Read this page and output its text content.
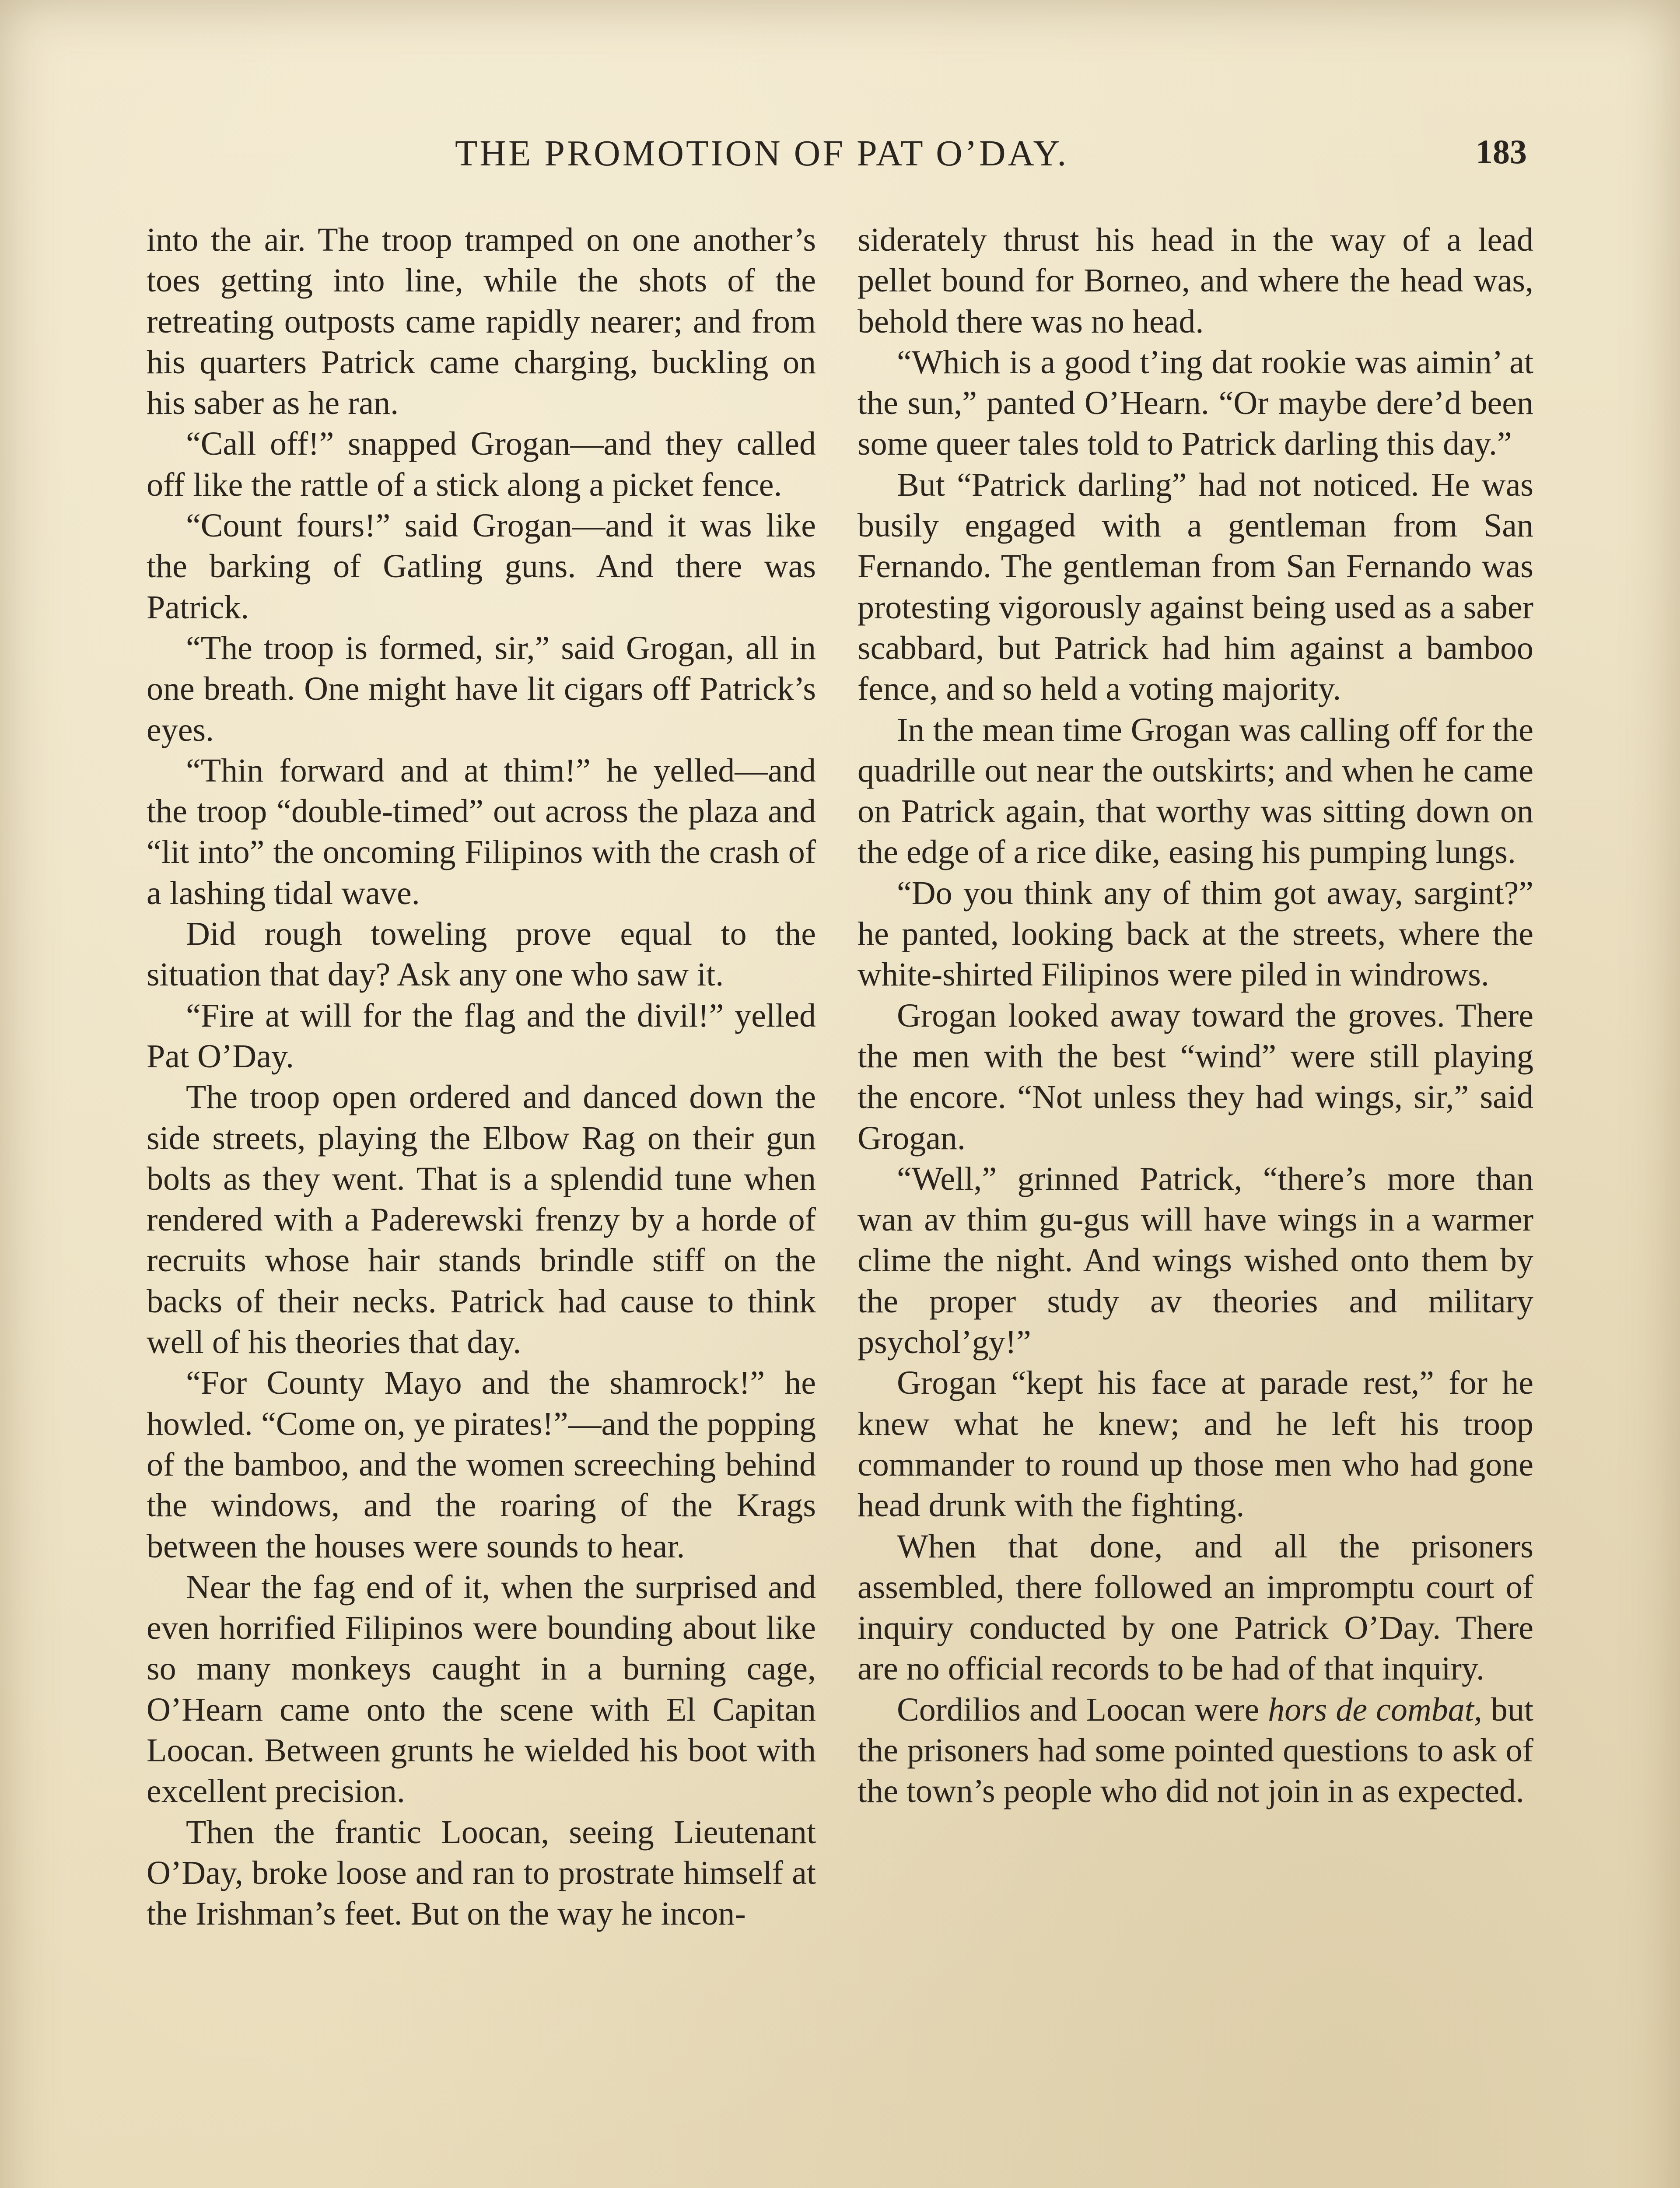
THE PROMOTION OF PAT O’DAY.	183

into the air. The troop tramped on one another’s toes getting into line, while the shots of the retreating outposts came rapidly nearer; and from his quarters Patrick came charging, buckling on his saber as he ran.

“Call off!” snapped Grogan—and they called off like the rattle of a stick along a picket fence.

“Count fours!” said Grogan—and it was like the barking of Gatling guns. And there was Patrick.

“The troop is formed, sir,” said Grogan, all in one breath. One might have lit cigars off Patrick’s eyes.

“Thin forward and at thim!” he yelled—and the troop “double-timed” out across the plaza and “lit into” the oncoming Filipinos with the crash of a lashing tidal wave.

Did rough toweling prove equal to the situation that day? Ask any one who saw it.

“Fire at will for the flag and the divil!” yelled Pat O’Day.

The troop open ordered and danced down the side streets, playing the Elbow Rag on their gun bolts as they went. That is a splendid tune when rendered with a Paderewski frenzy by a horde of recruits whose hair stands brindle stiff on the backs of their necks. Patrick had cause to think well of his theories that day.

“For County Mayo and the shamrock!” he howled. “Come on, ye pirates!”—and the popping of the bamboo, and the women screeching behind the windows, and the roaring of the Krags between the houses were sounds to hear.

Near the fag end of it, when the surprised and even horrified Filipinos were bounding about like so many monkeys caught in a burning cage, O’Hearn came onto the scene with El Capitan Loocan. Between grunts he wielded his boot with excellent precision.

Then the frantic Loocan, seeing Lieutenant O’Day, broke loose and ran to prostrate himself at the Irishman’s feet. But on the way he incon-

siderately thrust his head in the way of a lead pellet bound for Borneo, and where the head was, behold there was no head.

“Which is a good t’ing dat rookie was aimin’ at the sun,” panted O’Hearn. “Or maybe dere’d been some queer tales told to Patrick darling this day.”

But “Patrick darling” had not noticed. He was busily engaged with a gentleman from San Fernando. The gentleman from San Fernando was protesting vigorously against being used as a saber scabbard, but Patrick had him against a bamboo fence, and so held a voting majority.

In the mean time Grogan was calling off for the quadrille out near the outskirts; and when he came on Patrick again, that worthy was sitting down on the edge of a rice dike, easing his pumping lungs.

“Do you think any of thim got away, sargint?” he panted, looking back at the streets, where the white-shirted Filipinos were piled in windrows.

Grogan looked away toward the groves. There the men with the best “wind” were still playing the encore. “Not unless they had wings, sir,” said Grogan.

“Well,” grinned Patrick, “there’s more than wan av thim gu-gus will have wings in a warmer clime the night. And wings wished onto them by the proper study av theories and military psychol’gy!”

Grogan “kept his face at parade rest,” for he knew what he knew; and he left his troop commander to round up those men who had gone head drunk with the fighting.

When that done, and all the prisoners assembled, there followed an impromptu court of inquiry conducted by one Patrick O’Day. There are no official records to be had of that inquiry.

Cordilios and Loocan were hors de combat, but the prisoners had some pointed questions to ask of the town’s people who did not join in as expected.
